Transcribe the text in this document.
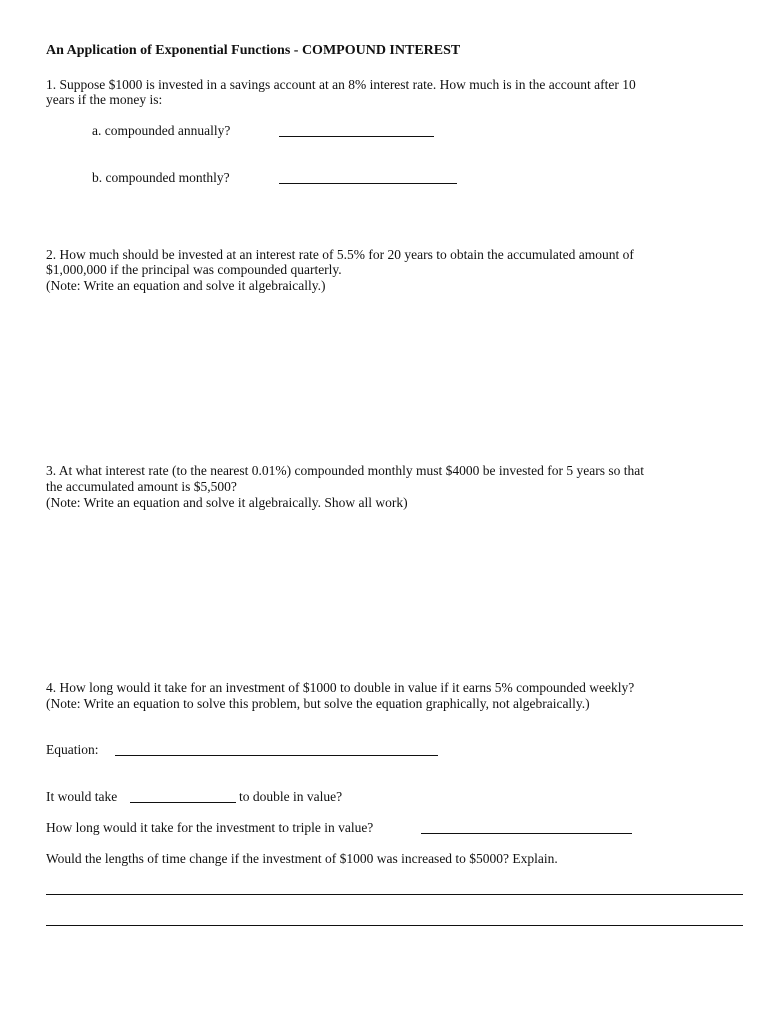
An Application of Exponential Functions - COMPOUND INTEREST
1. Suppose $1000 is invested in a savings account at an 8% interest rate. How much is in the account after 10
years if the money is:
a. compounded annually?
b. compounded monthly?
2. How much should be invested at an interest rate of 5.5% for 20 years to obtain the accumulated amount of
$1,000,000 if the principal was compounded quarterly.
(Note: Write an equation and solve it algebraically.)
3. At what interest rate (to the nearest 0.01%) compounded monthly must $4000 be invested for 5 years so that
the accumulated amount is $5,500?
(Note: Write an equation and solve it algebraically. Show all work)
4. How long would it take for an investment of $1000 to double in value if it earns 5% compounded weekly?
(Note: Write an equation to solve this problem, but solve the equation graphically, not algebraically.)
Equation:
It would take	to double in value?
How long would it take for the investment to triple in value?
Would the lengths of time change if the investment of $1000 was increased to $5000? Explain.
